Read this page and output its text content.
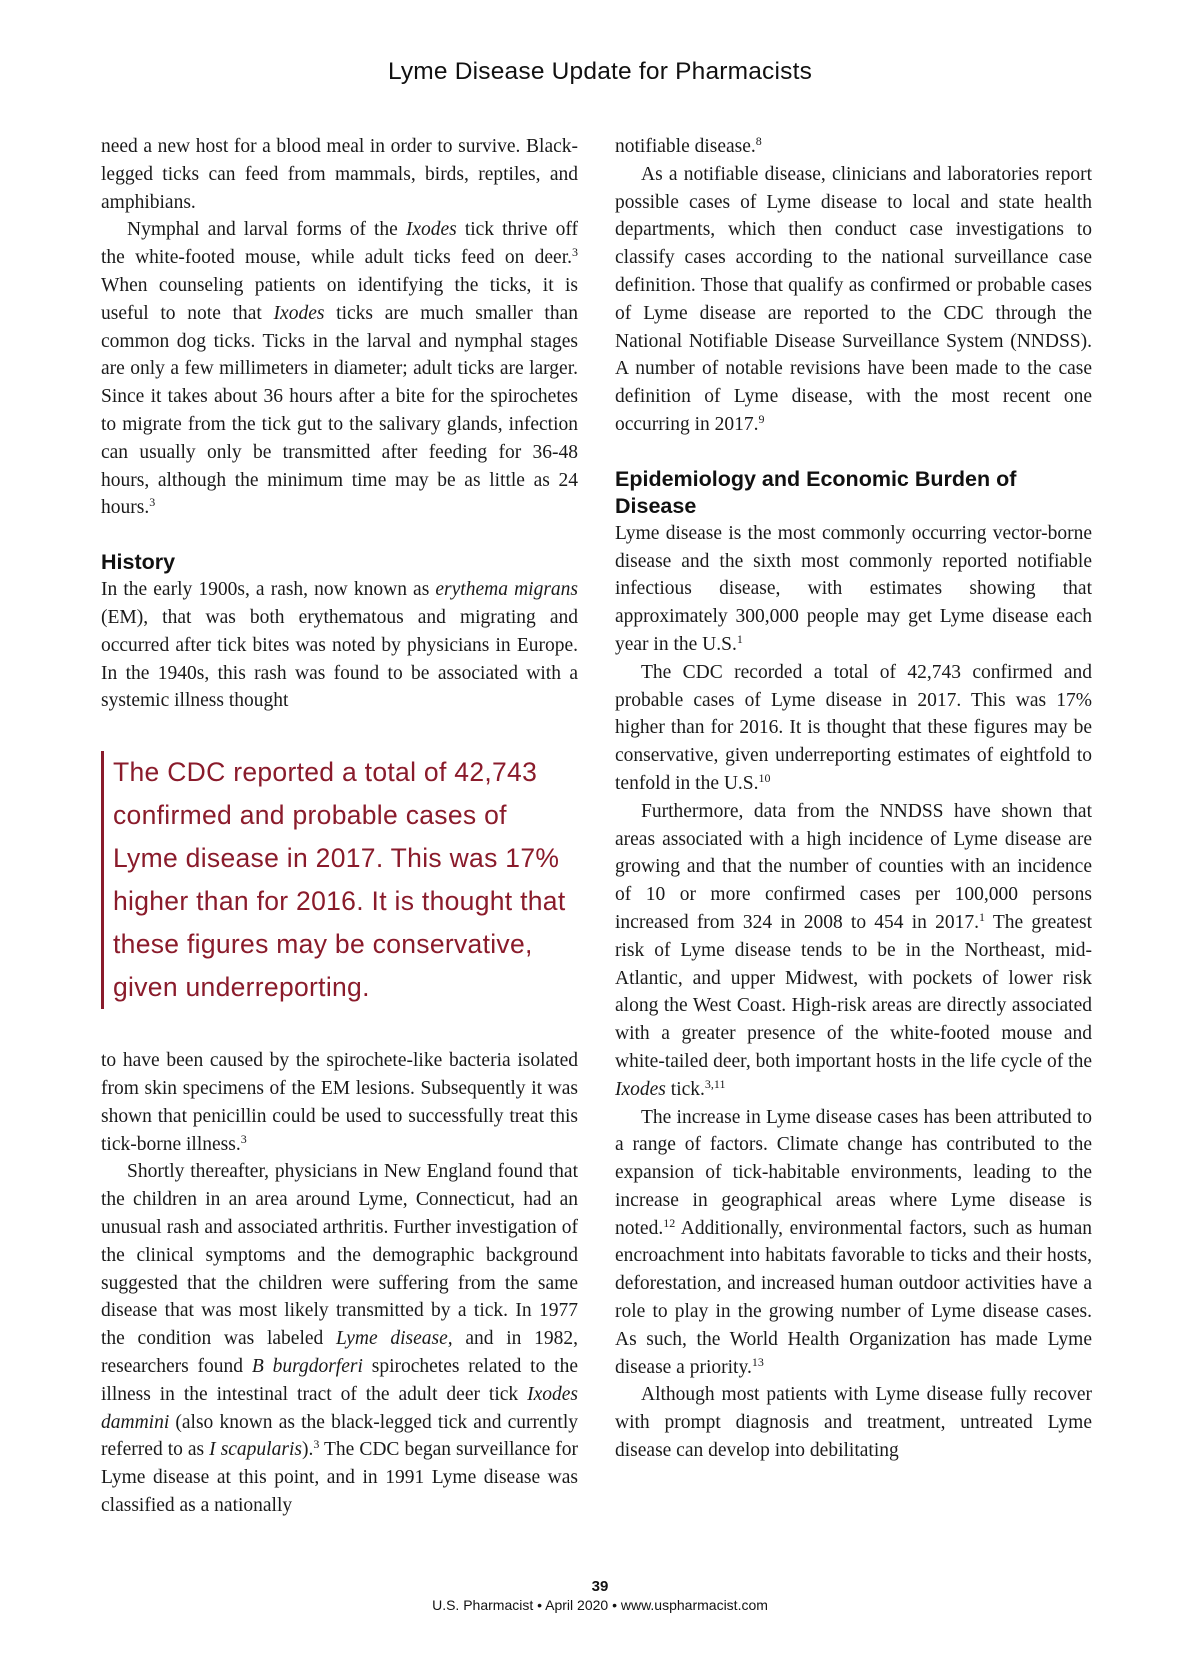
Lyme Disease Update for Pharmacists

need a new host for a blood meal in order to survive. Black-legged ticks can feed from mammals, birds, reptiles, and amphibians.

Nymphal and larval forms of the Ixodes tick thrive off the white-footed mouse, while adult ticks feed on deer.$^3$ When counseling patients on identifying the ticks, it is useful to note that Ixodes ticks are much smaller than common dog ticks. Ticks in the larval and nymphal stages are only a few millimeters in diameter; adult ticks are larger. Since it takes about 36 hours after a bite for the spirochetes to migrate from the tick gut to the salivary glands, infection can usually only be transmitted after feeding for 36-48 hours, although the minimum time may be as little as 24 hours.$^3$

History

In the early 1900s, a rash, now known as erythema migrans (EM), that was both erythematous and migrating and occurred after tick bites was noted by physicians in Europe. In the 1940s, this rash was found to be associated with a systemic illness thought

The CDC reported a total of 42,743 confirmed and probable cases of Lyme disease in 2017. This was 17% higher than for 2016. It is thought that these figures may be conservative, given underreporting.

to have been caused by the spirochete-like bacteria isolated from skin specimens of the EM lesions. Subsequently it was shown that penicillin could be used to successfully treat this tick-borne illness.$^3$

Shortly thereafter, physicians in New England found that the children in an area around Lyme, Connecticut, had an unusual rash and associated arthritis. Further investigation of the clinical symptoms and the demographic background suggested that the children were suffering from the same disease that was most likely transmitted by a tick. In 1977 the condition was labeled Lyme disease, and in 1982, researchers found B burgdorferi spirochetes related to the illness in the intestinal tract of the adult deer tick Ixodes dammini (also known as the black-legged tick and currently referred to as I scapularis).$^3$ The CDC began surveillance for Lyme disease at this point, and in 1991 Lyme disease was classified as a nationally

notifiable disease.$^8$

As a notifiable disease, clinicians and laboratories report possible cases of Lyme disease to local and state health departments, which then conduct case investigations to classify cases according to the national surveillance case definition. Those that qualify as confirmed or probable cases of Lyme disease are reported to the CDC through the National Notifiable Disease Surveillance System (NNDSS). A number of notable revisions have been made to the case definition of Lyme disease, with the most recent one occurring in 2017.$^9$

Epidemiology and Economic Burden of Disease

Lyme disease is the most commonly occurring vector-borne disease and the sixth most commonly reported notifiable infectious disease, with estimates showing that approximately 300,000 people may get Lyme disease each year in the U.S.$^1$

The CDC recorded a total of 42,743 confirmed and probable cases of Lyme disease in 2017. This was 17% higher than for 2016. It is thought that these figures may be conservative, given underreporting estimates of eightfold to tenfold in the U.S.$^{10}$

Furthermore, data from the NNDSS have shown that areas associated with a high incidence of Lyme disease are growing and that the number of counties with an incidence of 10 or more confirmed cases per 100,000 persons increased from 324 in 2008 to 454 in 2017.$^1$ The greatest risk of Lyme disease tends to be in the Northeast, mid-Atlantic, and upper Midwest, with pockets of lower risk along the West Coast. High-risk areas are directly associated with a greater presence of the white-footed mouse and white-tailed deer, both important hosts in the life cycle of the Ixodes tick.$^{3,11}$

The increase in Lyme disease cases has been attributed to a range of factors. Climate change has contributed to the expansion of tick-habitable environments, leading to the increase in geographical areas where Lyme disease is noted.$^{12}$ Additionally, environmental factors, such as human encroachment into habitats favorable to ticks and their hosts, deforestation, and increased human outdoor activities have a role to play in the growing number of Lyme disease cases. As such, the World Health Organization has made Lyme disease a priority.$^{13}$

Although most patients with Lyme disease fully recover with prompt diagnosis and treatment, untreated Lyme disease can develop into debilitating

39
U.S. Pharmacist • April 2020 • www.uspharmacist.com
